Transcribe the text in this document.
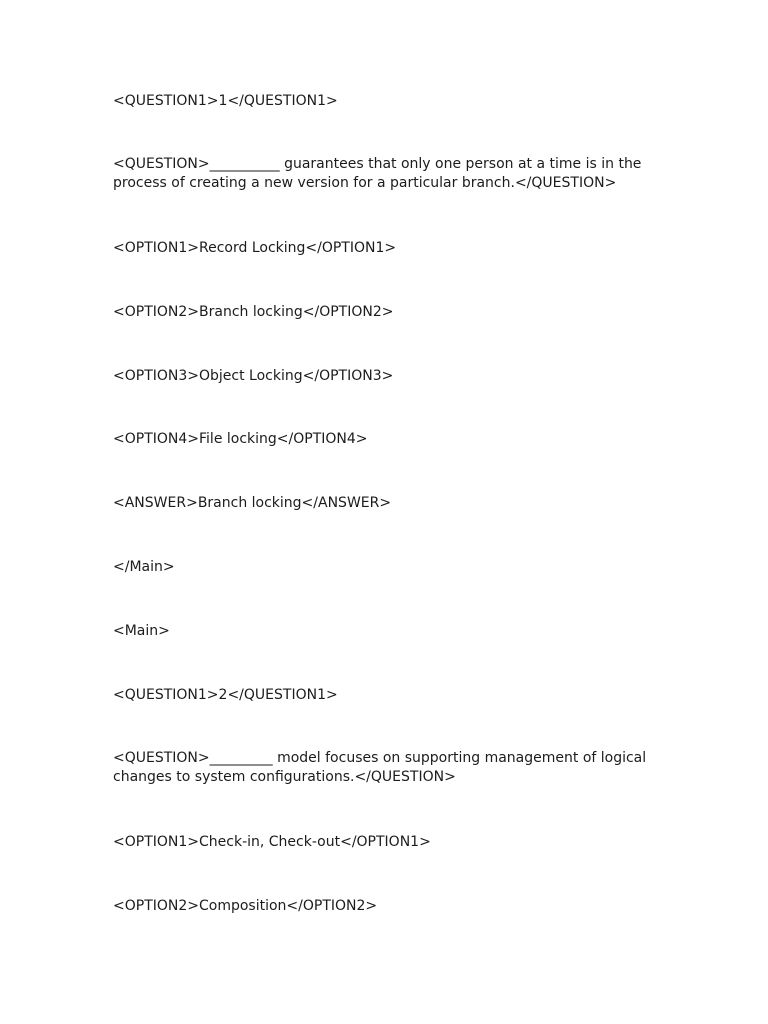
<QUESTION1>1</QUESTION1>

<QUESTION>__________ guarantees that only one person at a time is in the process of creating a new version for a particular branch.</QUESTION>

<OPTION1>Record Locking</OPTION1>

<OPTION2>Branch locking</OPTION2>

<OPTION3>Object Locking</OPTION3>

<OPTION4>File locking</OPTION4>

<ANSWER>Branch locking</ANSWER>

</Main>

<Main>

<QUESTION1>2</QUESTION1>

<QUESTION>_________ model focuses on supporting management of logical changes to system configurations.</QUESTION>

<OPTION1>Check-in, Check-out</OPTION1>

<OPTION2>Composition</OPTION2>
